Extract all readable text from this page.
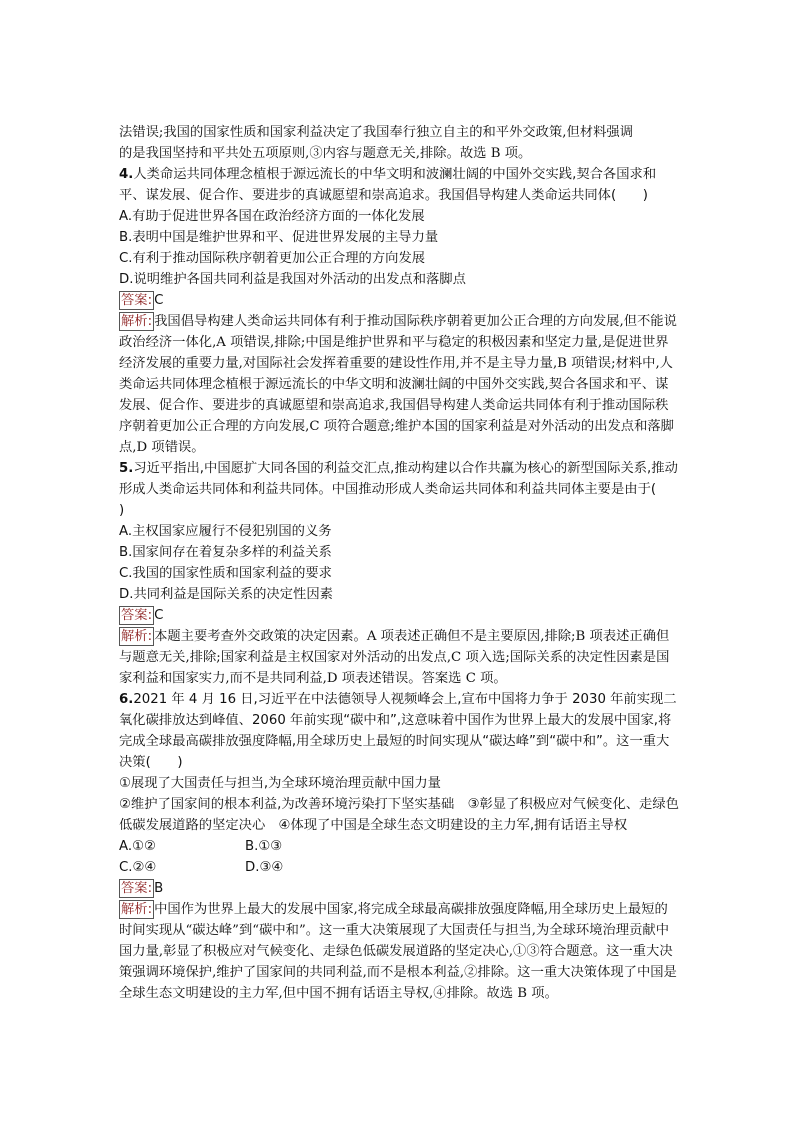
法错误;我国的国家性质和国家利益决定了我国奉行独立自主的和平外交政策,但材料强调

的是我国坚持和平共处五项原则,③内容与题意无关,排除。故选 B 项。

4.人类命运共同体理念植根于源远流长的中华文明和波澜壮阔的中国外交实践,契合各国求和平、谋发展、促合作、要进步的真诚愿望和崇高追求。我国倡导构建人类命运共同体(　　)

A.有助于促进世界各国在政治经济方面的一体化发展

B.表明中国是维护世界和平、促进世界发展的主导力量

C.有利于推动国际秩序朝着更加公正合理的方向发展

D.说明维护各国共同利益是我国对外活动的出发点和落脚点

答案: C

解析: 我国倡导构建人类命运共同体有利于推动国际秩序朝着更加公正合理的方向发展,但不能说政治经济一体化,A 项错误,排除;中国是维护世界和平与稳定的积极因素和坚定力量,是促进世界经济发展的重要力量,对国际社会发挥着重要的建设性作用,并不是主导力量,B 项错误;材料中,人类命运共同体理念植根于源远流长的中华文明和波澜壮阔的中国外交实践,契合各国求和平、谋发展、促合作、要进步的真诚愿望和崇高追求,我国倡导构建人类命运共同体有利于推动国际秩序朝着更加公正合理的方向发展,C 项符合题意;维护本国的国家利益是对外活动的出发点和落脚点,D 项错误。

5.习近平指出,中国愿扩大同各国的利益交汇点,推动构建以合作共赢为核心的新型国际关系,推动形成人类命运共同体和利益共同体。中国推动形成人类命运共同体和利益共同体主要是由于(　　)

A.主权国家应履行不侵犯别国的义务

B.国家间存在着复杂多样的利益关系

C.我国的国家性质和国家利益的要求

D.共同利益是国际关系的决定性因素

答案: C

解析: 本题主要考查外交政策的决定因素。A 项表述正确但不是主要原因,排除;B 项表述正确但与题意无关,排除;国家利益是主权国家对外活动的出发点,C 项入选;国际关系的决定性因素是国家利益和国家实力,而不是共同利益,D 项表述错误。答案选 C 项。

6.2021 年 4 月 16 日,习近平在中法德领导人视频峰会上,宣布中国将力争于 2030 年前实现二氧化碳排放达到峰值、2060 年前实现“碳中和”,这意味着中国作为世界上最大的发展中国家,将完成全球最高碳排放强度降幅,用全球历史上最短的时间实现从“碳达峰”到“碳中和”。这一重大决策(　　)

①展现了大国责任与担当,为全球环境治理贡献中国力量

②维护了国家间的根本利益,为改善环境污染打下坚实基础　③彰显了积极应对气候变化、走绿色低碳发展道路的坚定决心　④体现了中国是全球生态文明建设的主力军,拥有话语主导权

A.①②	B.①③
C.②④	D.③④

答案: B

解析: 中国作为世界上最大的发展中国家,将完成全球最高碳排放强度降幅,用全球历史上最短的时间实现从“碳达峰”到“碳中和”。这一重大决策展现了大国责任与担当,为全球环境治理贡献中国力量,彰显了积极应对气候变化、走绿色低碳发展道路的坚定决心,①③符合题意。这一重大决策强调环境保护,维护了国家间的共同利益,而不是根本利益,②排除。这一重大决策体现了中国是全球生态文明建设的主力军,但中国不拥有话语主导权,④排除。故选 B 项。
